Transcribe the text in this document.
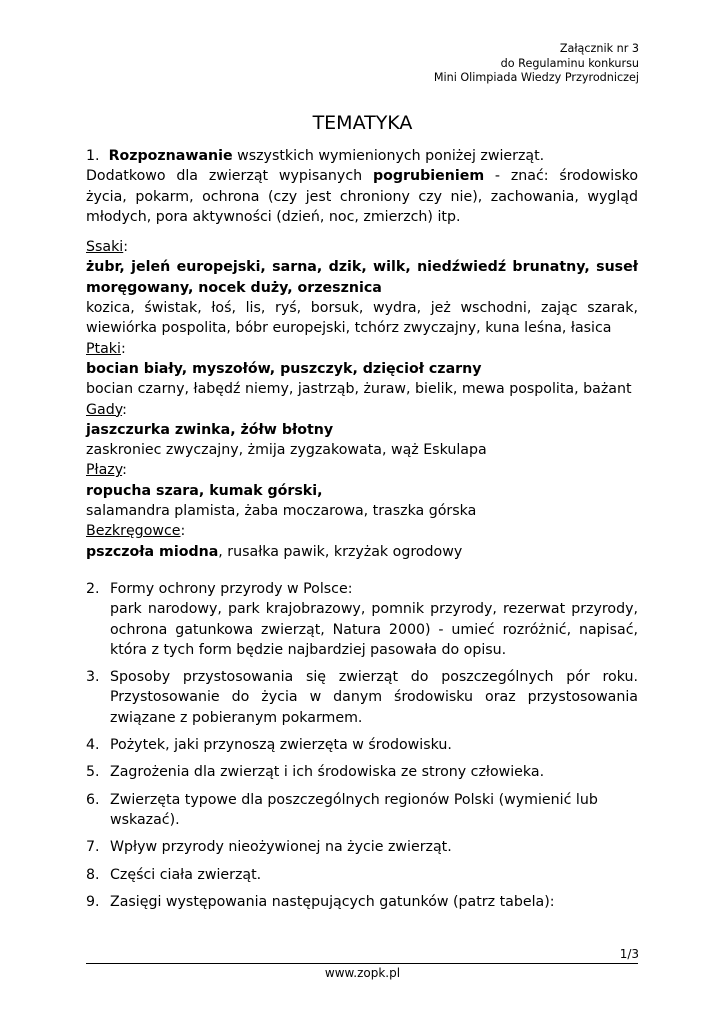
Załącznik nr 3
do Regulaminu konkursu
Mini Olimpiada Wiedzy Przyrodniczej
TEMATYKA
1. Rozpoznawanie wszystkich wymienionych poniżej zwierząt.
Dodatkowo dla zwierząt wypisanych pogrubieniem - znać: środowisko życia, pokarm, ochrona (czy jest chroniony czy nie), zachowania, wygląd młodych, pora aktywności (dzień, noc, zmierzch) itp.
Ssaki:
żubr, jeleń europejski, sarna, dzik, wilk, niedźwiedź brunatny, suseł
moręgowany, nocek duży, orzesznica
kozica, świstak, łoś, lis, ryś, borsuk, wydra, jeż wschodni, zając szarak, wiewiórka pospolita, bóbr europejski, tchórz zwyczajny, kuna leśna, łasica
Ptaki:
bocian biały, myszołów, puszczyk, dzięcioł czarny
bocian czarny, łabędź niemy, jastrząb, żuraw, bielik, mewa pospolita, bażant
Gady:
jaszczurka zwinka, żółw błotny
zaskroniec zwyczajny, żmija zygzakowata, wąż Eskulapa
Płazy:
ropucha szara, kumak górski,
salamandra plamista, żaba moczarowa, traszka górska
Bezkręgowce:
pszczoła miodna, rusałka pawik, krzyżak ogrodowy
2. Formy ochrony przyrody w Polsce:
park narodowy, park krajobrazowy, pomnik przyrody, rezerwat przyrody, ochrona gatunkowa zwierząt, Natura 2000) - umieć rozróżnić, napisać, która z tych form będzie najbardziej pasowała do opisu.
3. Sposoby przystosowania się zwierząt do poszczególnych pór roku. Przystosowanie do życia w danym środowisku oraz przystosowania związane z pobieranym pokarmem.
4. Pożytek, jaki przynoszą zwierzęta w środowisku.
5. Zagrożenia dla zwierząt i ich środowiska ze strony człowieka.
6. Zwierzęta typowe dla poszczególnych regionów Polski (wymienić lub wskazać).
7. Wpływ przyrody nieożywionej na życie zwierząt.
8. Części ciała zwierząt.
9. Zasięgi występowania następujących gatunków (patrz tabela):
1/3
www.zopk.pl
